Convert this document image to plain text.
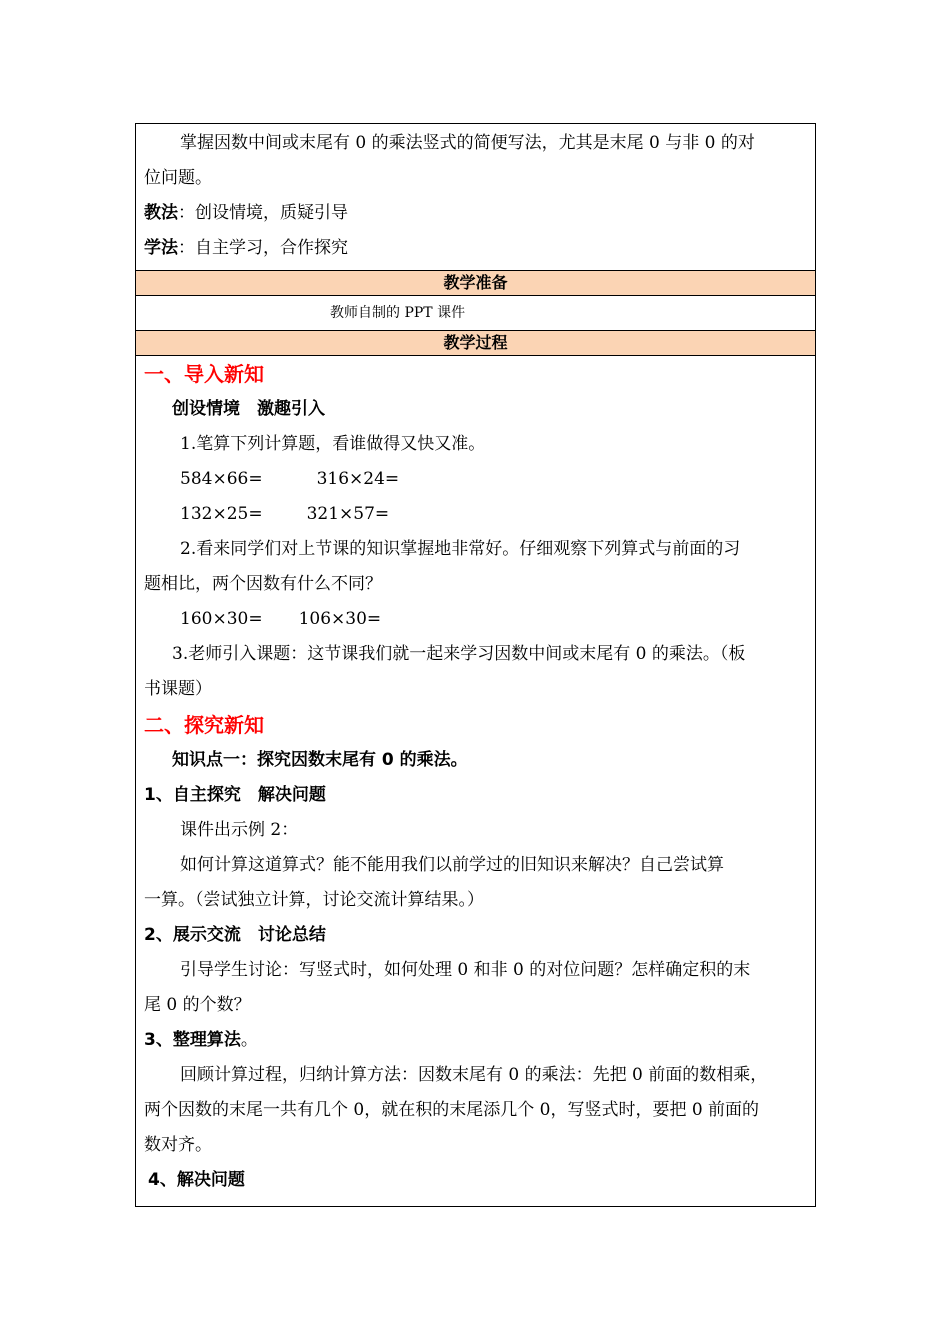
掌握因数中间或末尾有 0 的乘法竖式的简便写法，尤其是末尾 0 与非 0 的对
位问题。
教法：创设情境，质疑引导
学法：自主学习，合作探究
教学准备
教师自制的 PPT 课件
教学过程
一、导入新知
创设情境　激趣引入
1.笔算下列计算题，看谁做得又快又准。
584×66=	316×24=
132×25=	321×57=
2.看来同学们对上节课的知识掌握地非常好。仔细观察下列算式与前面的习
题相比，两个因数有什么不同？
160×30= 106×30=
3.老师引入课题：这节课我们就一起来学习因数中间或末尾有 0 的乘法。（板
书课题）
二、探究新知
知识点一：探究因数末尾有 0 的乘法。
1、自主探究　解决问题
课件出示例 2：
如何计算这道算式？能不能用我们以前学过的旧知识来解决？自己尝试算
一算。（尝试独立计算，讨论交流计算结果。）
2、展示交流　讨论总结
引导学生讨论：写竖式时，如何处理 0 和非 0 的对位问题？怎样确定积的末
尾 0 的个数？
3、整理算法。
回顾计算过程，归纳计算方法：因数末尾有 0 的乘法：先把 0 前面的数相乘，
两个因数的末尾一共有几个 0，就在积的末尾添几个 0，写竖式时，要把 0 前面的
数对齐。
4、解决问题
